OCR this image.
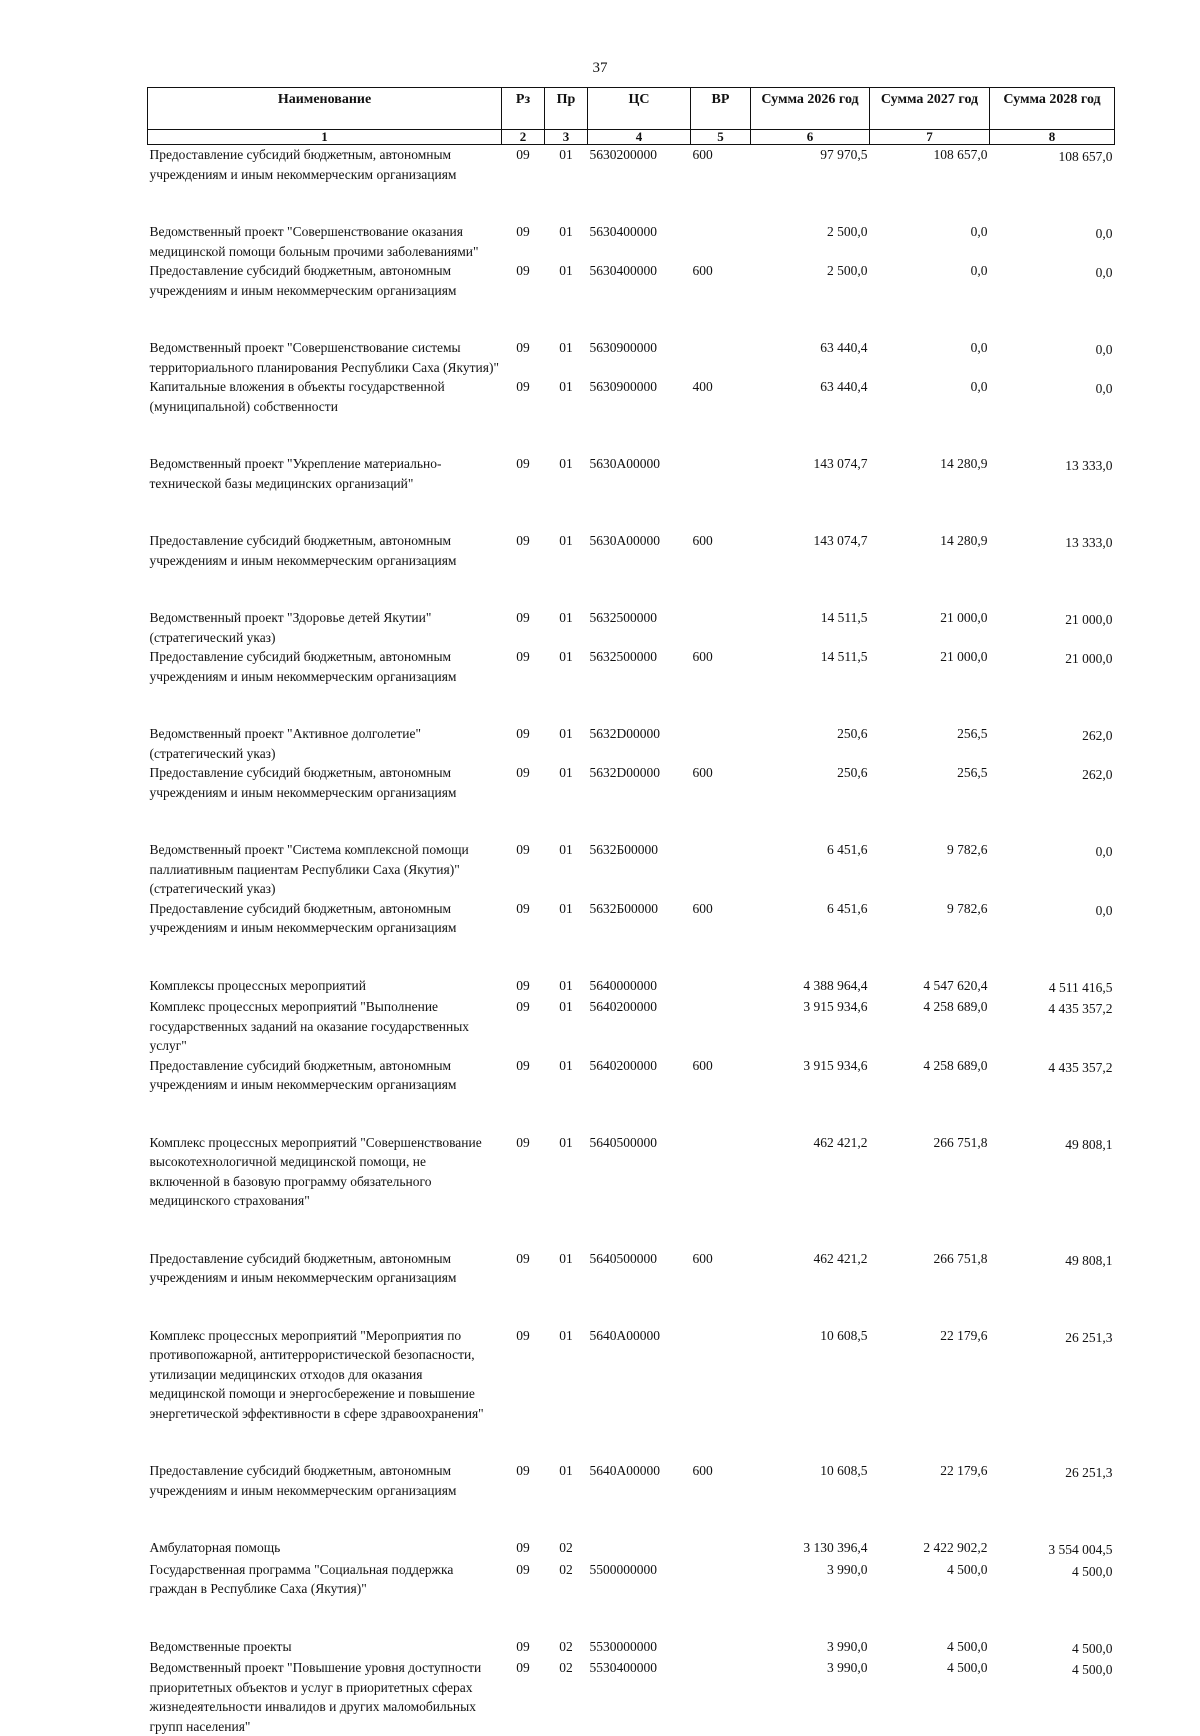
37
Наименование	Рз	Пр	ЦС	ВР	Сумма 2026 год	Сумма 2027 год	Сумма 2028 год
1	2	3	4	5	6	7	8
Предоставление субсидий бюджетным, автономным учреждениям и иным некоммерческим организациям	09	01	5630200000	600	97 970,5	108 657,0	108 657,0
Ведомственный проект "Совершенствование оказания медицинской помощи больным прочими заболеваниями"	09	01	5630400000		2 500,0	0,0	0,0
Предоставление субсидий бюджетным, автономным учреждениям и иным некоммерческим организациям	09	01	5630400000	600	2 500,0	0,0	0,0
Ведомственный проект "Совершенствование системы территориального планирования Республики Саха (Якутия)"	09	01	5630900000		63 440,4	0,0	0,0
Капитальные вложения в объекты государственной (муниципальной) собственности	09	01	5630900000	400	63 440,4	0,0	0,0
Ведомственный проект "Укрепление материально-технической базы медицинских организаций"	09	01	5630А00000		143 074,7	14 280,9	13 333,0
Предоставление субсидий бюджетным, автономным учреждениям и иным некоммерческим организациям	09	01	5630А00000	600	143 074,7	14 280,9	13 333,0
Ведомственный проект "Здоровье детей Якутии" (стратегический указ)	09	01	5632500000		14 511,5	21 000,0	21 000,0
Предоставление субсидий бюджетным, автономным учреждениям и иным некоммерческим организациям	09	01	5632500000	600	14 511,5	21 000,0	21 000,0
Ведомственный проект "Активное долголетие" (стратегический указ)	09	01	5632D00000		250,6	256,5	262,0
Предоставление субсидий бюджетным, автономным учреждениям и иным некоммерческим организациям	09	01	5632D00000	600	250,6	256,5	262,0
Ведомственный проект "Система комплексной помощи паллиативным пациентам Республики Саха (Якутия)" (стратегический указ)	09	01	5632Б00000		6 451,6	9 782,6	0,0
Предоставление субсидий бюджетным, автономным учреждениям и иным некоммерческим организациям	09	01	5632Б00000	600	6 451,6	9 782,6	0,0
Комплексы процессных мероприятий	09	01	5640000000		4 388 964,4	4 547 620,4	4 511 416,5
Комплекс процессных мероприятий "Выполнение государственных заданий на оказание государственных услуг"	09	01	5640200000		3 915 934,6	4 258 689,0	4 435 357,2
Предоставление субсидий бюджетным, автономным учреждениям и иным некоммерческим организациям	09	01	5640200000	600	3 915 934,6	4 258 689,0	4 435 357,2
Комплекс процессных мероприятий "Совершенствование высокотехнологичной медицинской помощи, не включенной в базовую программу обязательного медицинского страхования"	09	01	5640500000		462 421,2	266 751,8	49 808,1
Предоставление субсидий бюджетным, автономным учреждениям и иным некоммерческим организациям	09	01	5640500000	600	462 421,2	266 751,8	49 808,1
Комплекс процессных мероприятий "Мероприятия по противопожарной, антитеррористической безопасности, утилизации медицинских отходов для оказания медицинской помощи и энергосбережение и повышение энергетической эффективности в сфере здравоохранения"	09	01	5640А00000		10 608,5	22 179,6	26 251,3
Предоставление субсидий бюджетным, автономным учреждениям и иным некоммерческим организациям	09	01	5640А00000	600	10 608,5	22 179,6	26 251,3
Амбулаторная помощь	09	02			3 130 396,4	2 422 902,2	3 554 004,5
Государственная программа "Социальная поддержка граждан в Республике Саха (Якутия)"	09	02	5500000000		3 990,0	4 500,0	4 500,0
Ведомственные проекты	09	02	5530000000		3 990,0	4 500,0	4 500,0
Ведомственный проект "Повышение уровня доступности приоритетных объектов и услуг в приоритетных сферах жизнедеятельности инвалидов и других маломобильных групп населения"	09	02	5530400000		3 990,0	4 500,0	4 500,0
